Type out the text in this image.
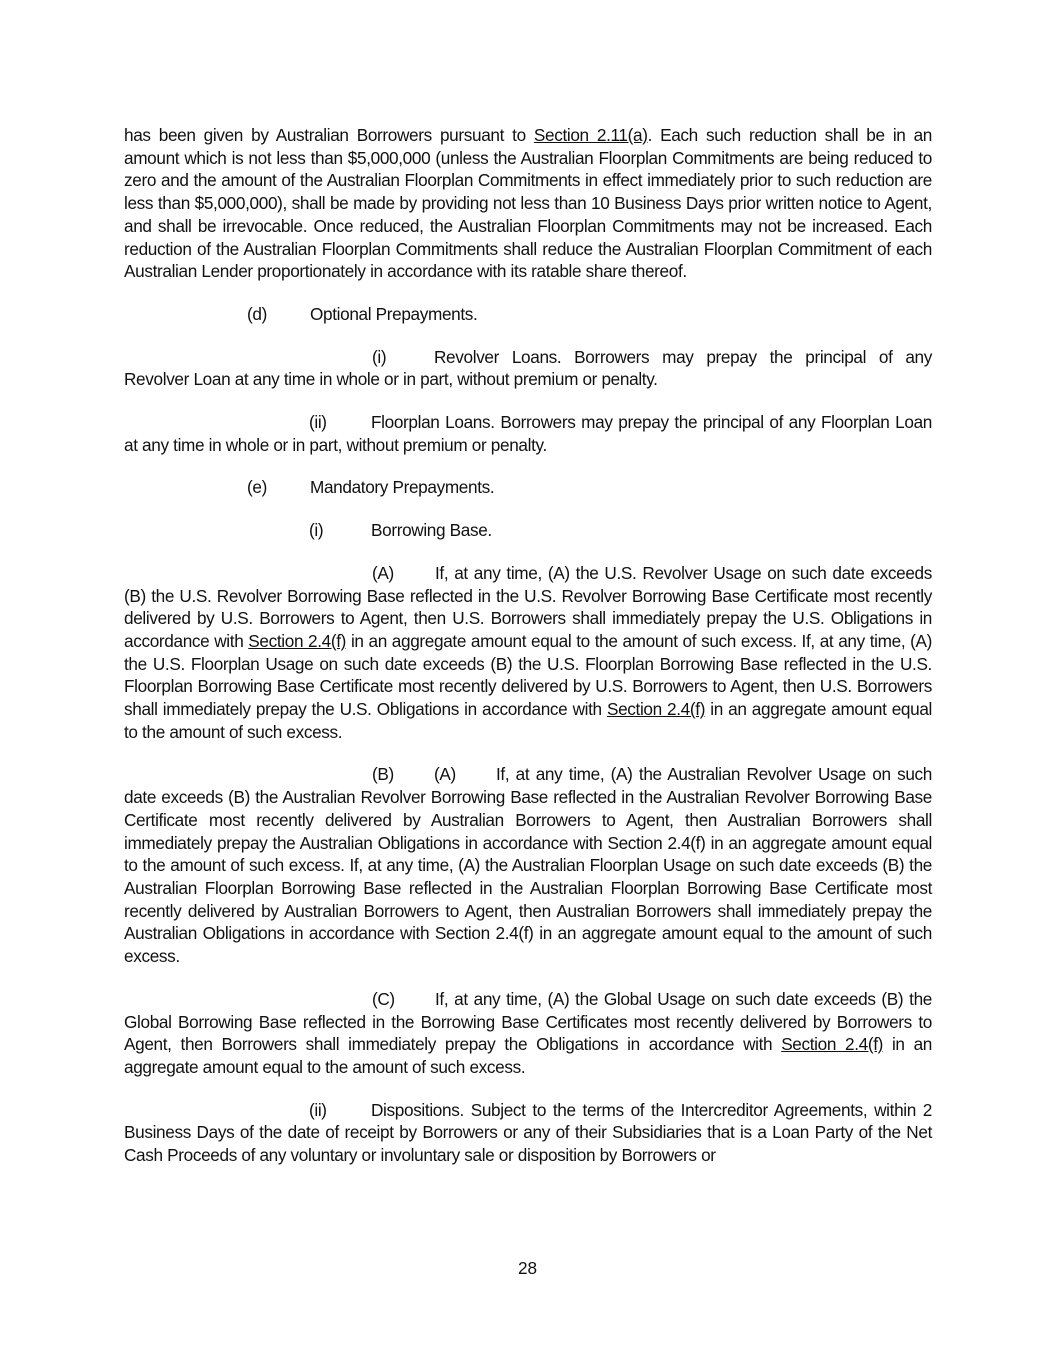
has been given by Australian Borrowers pursuant to Section 2.11(a). Each such reduction shall be in an amount which is not less than $5,000,000 (unless the Australian Floorplan Commitments are being reduced to zero and the amount of the Australian Floorplan Commitments in effect immediately prior to such reduction are less than $5,000,000), shall be made by providing not less than 10 Business Days prior written notice to Agent, and shall be irrevocable. Once reduced, the Australian Floorplan Commitments may not be increased. Each reduction of the Australian Floorplan Commitments shall reduce the Australian Floorplan Commitment of each Australian Lender proportionately in accordance with its ratable share thereof.

(d)	Optional Prepayments.

(i)	Revolver Loans. Borrowers may prepay the principal of any Revolver Loan at any time in whole or in part, without premium or penalty.

(ii)	Floorplan Loans. Borrowers may prepay the principal of any Floorplan Loan at any time in whole or in part, without premium or penalty.

(e)	Mandatory Prepayments.

(i)	Borrowing Base.

(A) If, at any time, (A) the U.S. Revolver Usage on such date exceeds (B) the U.S. Revolver Borrowing Base reflected in the U.S. Revolver Borrowing Base Certificate most recently delivered by U.S. Borrowers to Agent, then U.S. Borrowers shall immediately prepay the U.S. Obligations in accordance with Section 2.4(f) in an aggregate amount equal to the amount of such excess. If, at any time, (A) the U.S. Floorplan Usage on such date exceeds (B) the U.S. Floorplan Borrowing Base reflected in the U.S. Floorplan Borrowing Base Certificate most recently delivered by U.S. Borrowers to Agent, then U.S. Borrowers shall immediately prepay the U.S. Obligations in accordance with Section 2.4(f) in an aggregate amount equal to the amount of such excess.

(B) (A) If, at any time, (A) the Australian Revolver Usage on such date exceeds (B) the Australian Revolver Borrowing Base reflected in the Australian Revolver Borrowing Base Certificate most recently delivered by Australian Borrowers to Agent, then Australian Borrowers shall immediately prepay the Australian Obligations in accordance with Section 2.4(f) in an aggregate amount equal to the amount of such excess. If, at any time, (A) the Australian Floorplan Usage on such date exceeds (B) the Australian Floorplan Borrowing Base reflected in the Australian Floorplan Borrowing Base Certificate most recently delivered by Australian Borrowers to Agent, then Australian Borrowers shall immediately prepay the Australian Obligations in accordance with Section 2.4(f) in an aggregate amount equal to the amount of such excess.

(C) If, at any time, (A) the Global Usage on such date exceeds (B) the Global Borrowing Base reflected in the Borrowing Base Certificates most recently delivered by Borrowers to Agent, then Borrowers shall immediately prepay the Obligations in accordance with Section 2.4(f) in an aggregate amount equal to the amount of such excess.

(ii)	Dispositions. Subject to the terms of the Intercreditor Agreements, within 2 Business Days of the date of receipt by Borrowers or any of their Subsidiaries that is a Loan Party of the Net Cash Proceeds of any voluntary or involuntary sale or disposition by Borrowers or

28
